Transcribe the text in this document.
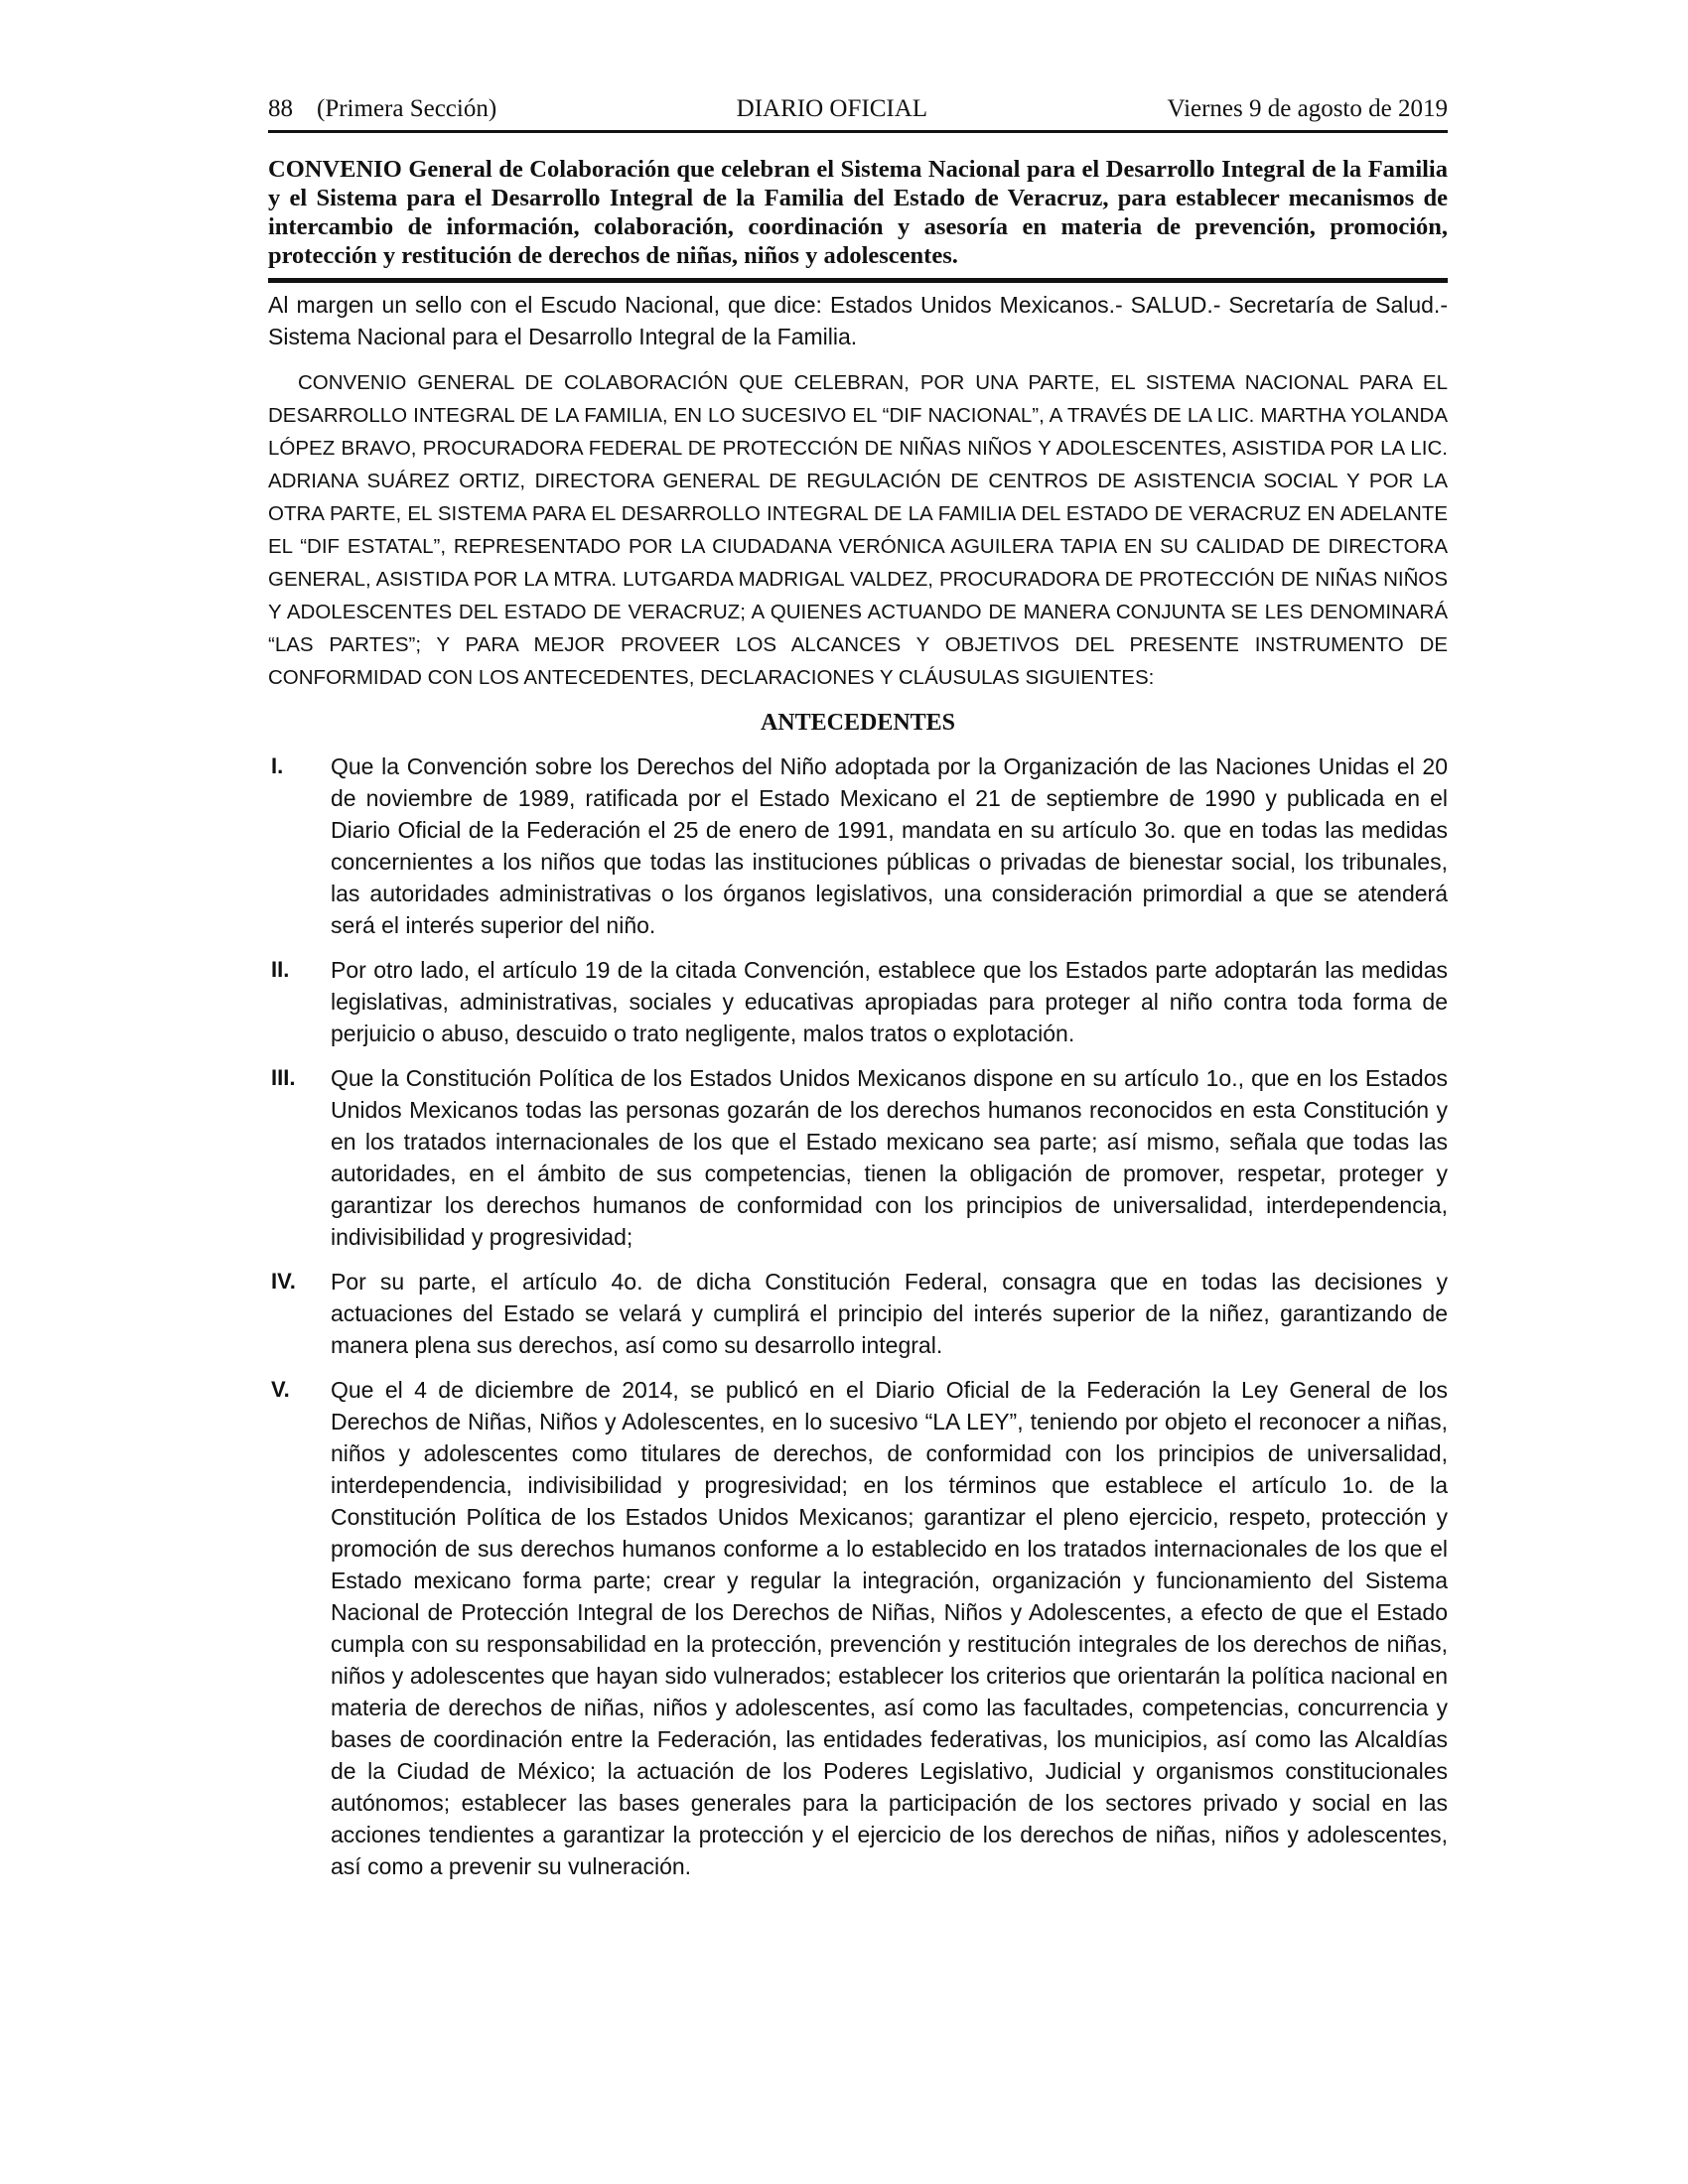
88 (Primera Sección)	DIARIO OFICIAL	Viernes 9 de agosto de 2019
CONVENIO General de Colaboración que celebran el Sistema Nacional para el Desarrollo Integral de la Familia y el Sistema para el Desarrollo Integral de la Familia del Estado de Veracruz, para establecer mecanismos de intercambio de información, colaboración, coordinación y asesoría en materia de prevención, promoción, protección y restitución de derechos de niñas, niños y adolescentes.
Al margen un sello con el Escudo Nacional, que dice: Estados Unidos Mexicanos.- SALUD.- Secretaría de Salud.- Sistema Nacional para el Desarrollo Integral de la Familia.
CONVENIO GENERAL DE COLABORACIÓN QUE CELEBRAN, POR UNA PARTE, EL SISTEMA NACIONAL PARA EL DESARROLLO INTEGRAL DE LA FAMILIA, EN LO SUCESIVO EL “DIF NACIONAL”, A TRAVÉS DE LA LIC. MARTHA YOLANDA LÓPEZ BRAVO, PROCURADORA FEDERAL DE PROTECCIÓN DE NIÑAS NIÑOS Y ADOLESCENTES, ASISTIDA POR LA LIC. ADRIANA SUÁREZ ORTIZ, DIRECTORA GENERAL DE REGULACIÓN DE CENTROS DE ASISTENCIA SOCIAL Y POR LA OTRA PARTE, EL SISTEMA PARA EL DESARROLLO INTEGRAL DE LA FAMILIA DEL ESTADO DE VERACRUZ EN ADELANTE EL “DIF ESTATAL”, REPRESENTADO POR LA CIUDADANA VERÓNICA AGUILERA TAPIA EN SU CALIDAD DE DIRECTORA GENERAL, ASISTIDA POR LA MTRA. LUTGARDA MADRIGAL VALDEZ, PROCURADORA DE PROTECCIÓN DE NIÑAS NIÑOS Y ADOLESCENTES DEL ESTADO DE VERACRUZ; A QUIENES ACTUANDO DE MANERA CONJUNTA SE LES DENOMINARÁ “LAS PARTES”; Y PARA MEJOR PROVEER LOS ALCANCES Y OBJETIVOS DEL PRESENTE INSTRUMENTO DE CONFORMIDAD CON LOS ANTECEDENTES, DECLARACIONES Y CLÁUSULAS SIGUIENTES:
ANTECEDENTES
I.	Que la Convención sobre los Derechos del Niño adoptada por la Organización de las Naciones Unidas el 20 de noviembre de 1989, ratificada por el Estado Mexicano el 21 de septiembre de 1990 y publicada en el Diario Oficial de la Federación el 25 de enero de 1991, mandata en su artículo 3o. que en todas las medidas concernientes a los niños que todas las instituciones públicas o privadas de bienestar social, los tribunales, las autoridades administrativas o los órganos legislativos, una consideración primordial a que se atenderá será el interés superior del niño.
II.	Por otro lado, el artículo 19 de la citada Convención, establece que los Estados parte adoptarán las medidas legislativas, administrativas, sociales y educativas apropiadas para proteger al niño contra toda forma de perjuicio o abuso, descuido o trato negligente, malos tratos o explotación.
III.	Que la Constitución Política de los Estados Unidos Mexicanos dispone en su artículo 1o., que en los Estados Unidos Mexicanos todas las personas gozarán de los derechos humanos reconocidos en esta Constitución y en los tratados internacionales de los que el Estado mexicano sea parte; así mismo, señala que todas las autoridades, en el ámbito de sus competencias, tienen la obligación de promover, respetar, proteger y garantizar los derechos humanos de conformidad con los principios de universalidad, interdependencia, indivisibilidad y progresividad;
IV.	Por su parte, el artículo 4o. de dicha Constitución Federal, consagra que en todas las decisiones y actuaciones del Estado se velará y cumplirá el principio del interés superior de la niñez, garantizando de manera plena sus derechos, así como su desarrollo integral.
V.	Que el 4 de diciembre de 2014, se publicó en el Diario Oficial de la Federación la Ley General de los Derechos de Niñas, Niños y Adolescentes, en lo sucesivo “LA LEY”, teniendo por objeto el reconocer a niñas, niños y adolescentes como titulares de derechos, de conformidad con los principios de universalidad, interdependencia, indivisibilidad y progresividad; en los términos que establece el artículo 1o. de la Constitución Política de los Estados Unidos Mexicanos; garantizar el pleno ejercicio, respeto, protección y promoción de sus derechos humanos conforme a lo establecido en los tratados internacionales de los que el Estado mexicano forma parte; crear y regular la integración, organización y funcionamiento del Sistema Nacional de Protección Integral de los Derechos de Niñas, Niños y Adolescentes, a efecto de que el Estado cumpla con su responsabilidad en la protección, prevención y restitución integrales de los derechos de niñas, niños y adolescentes que hayan sido vulnerados; establecer los criterios que orientarán la política nacional en materia de derechos de niñas, niños y adolescentes, así como las facultades, competencias, concurrencia y bases de coordinación entre la Federación, las entidades federativas, los municipios, así como las Alcaldías de la Ciudad de México; la actuación de los Poderes Legislativo, Judicial y organismos constitucionales autónomos; establecer las bases generales para la participación de los sectores privado y social en las acciones tendientes a garantizar la protección y el ejercicio de los derechos de niñas, niños y adolescentes, así como a prevenir su vulneración.
